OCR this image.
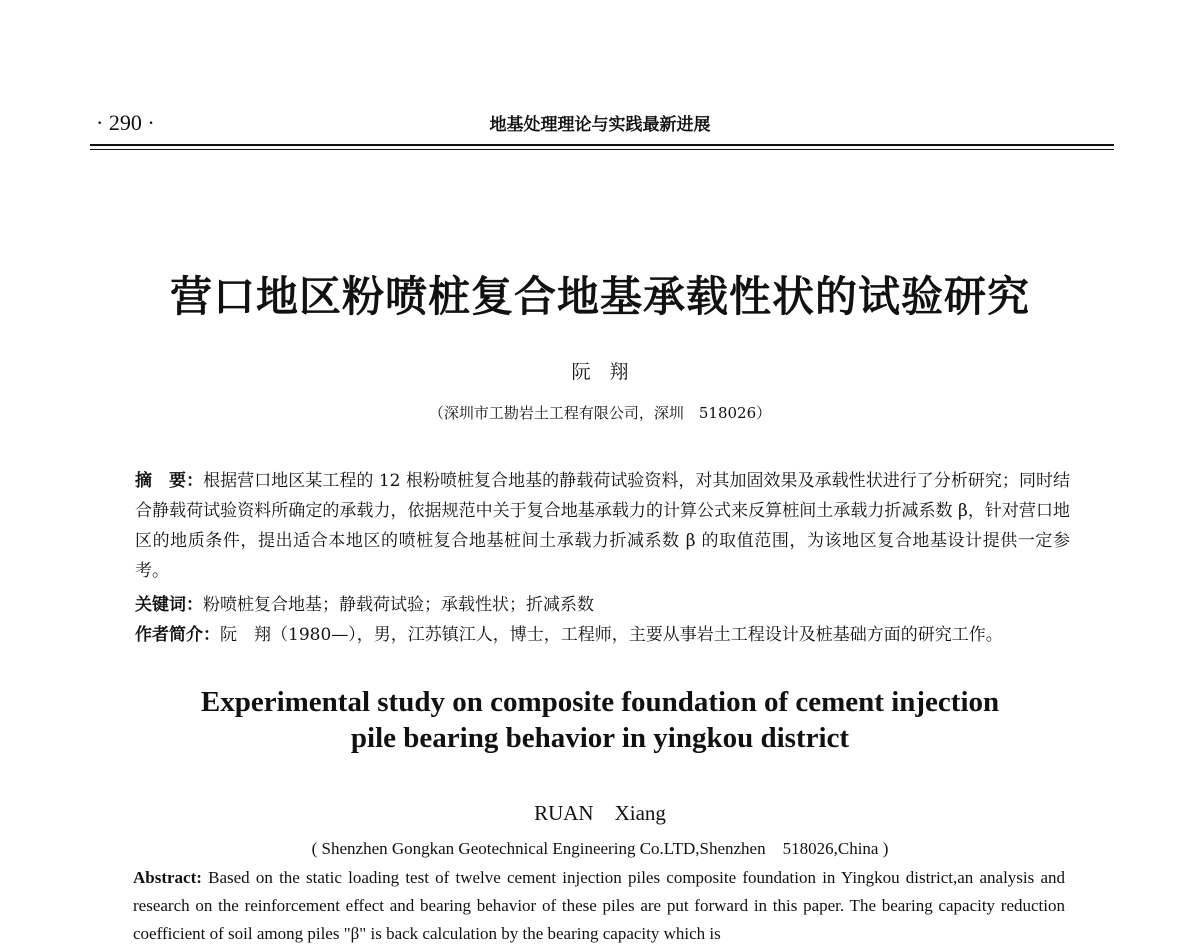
· 290 ·	地基处理理论与实践最新进展
营口地区粉喷桩复合地基承载性状的试验研究
阮　翔
（深圳市工勘岩土工程有限公司，深圳　518026）
摘　要：根据营口地区某工程的 12 根粉喷桩复合地基的静载荷试验资料，对其加固效果及承载性状进行了分析研究；同时结合静载荷试验资料所确定的承载力，依据规范中关于复合地基承载力的计算公式来反算桩间土承载力折减系数 β，针对营口地区的地质条件，提出适合本地区的喷桩复合地基桩间土承载力折减系数 β 的取值范围，为该地区复合地基设计提供一定参考。
关键词：粉喷桩复合地基；静载荷试验；承载性状；折减系数
作者简介：阮　翔（1980—），男，江苏镇江人，博士，工程师，主要从事岩土工程设计及桩基础方面的研究工作。
Experimental study on composite foundation of cement injection
pile bearing behavior in yingkou district
RUAN　Xiang
( Shenzhen Gongkan Geotechnical Engineering Co.LTD,Shenzhen　518026,China )
Abstract: Based on the static loading test of twelve cement injection piles composite foundation in Yingkou district,an analysis and research on the reinforcement effect and bearing behavior of these piles are put forward in this paper. The bearing capacity reduction coefficient of soil among piles "β" is back calculation by the bearing capacity which is
